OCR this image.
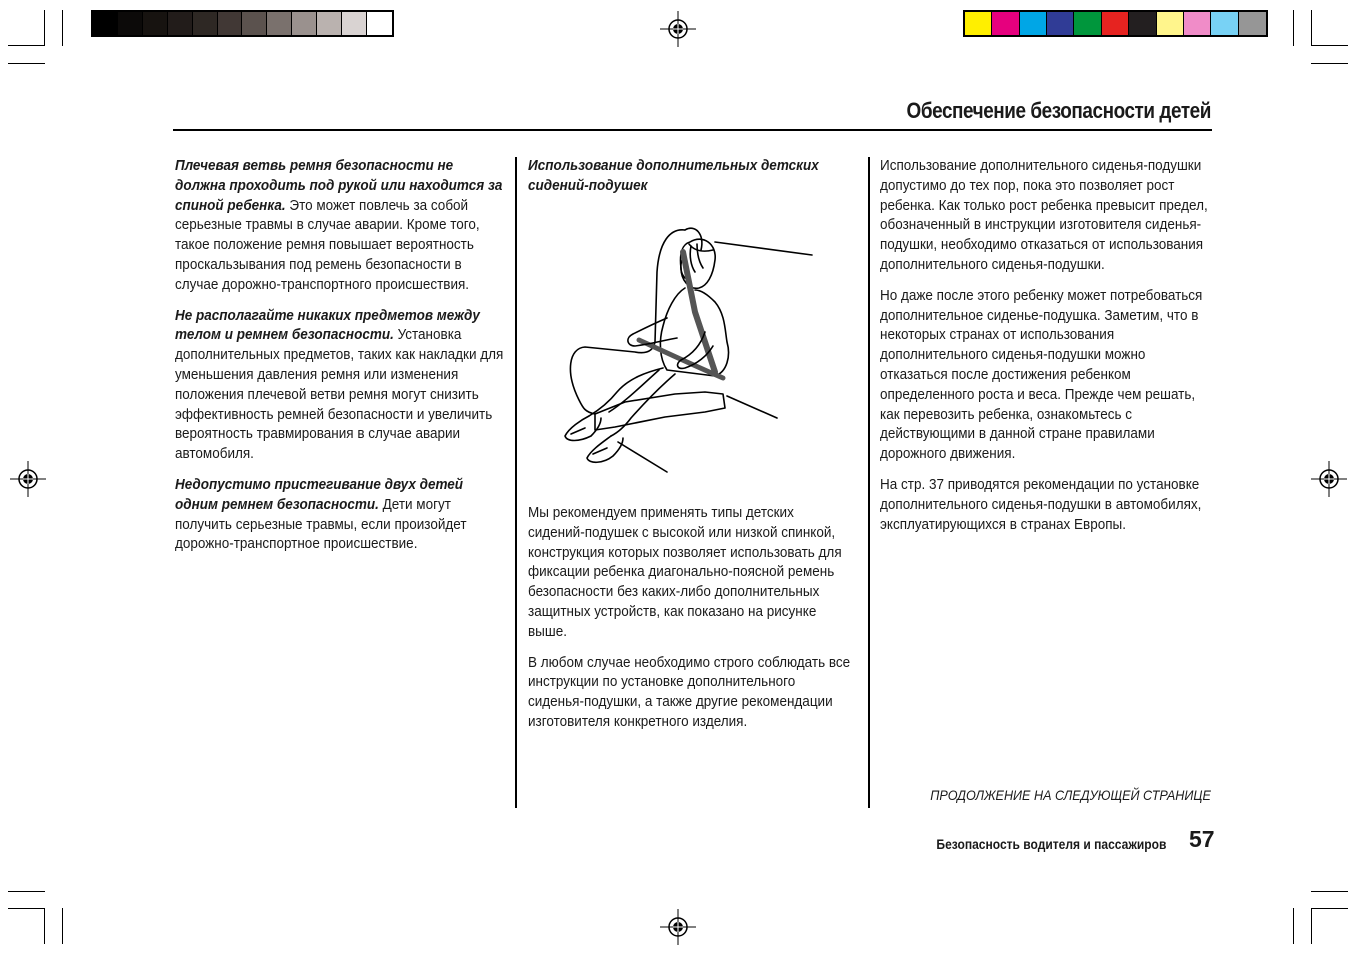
Обеспечение безопасности детей

Плечевая ветвь ремня безопасности не должна проходить под рукой или находится за спиной ребенка. Это может повлечь за собой серьезные травмы в случае аварии. Кроме того, такое положение ремня повышает вероятность проскальзывания под ремень безопасности в случае дорожно-транспортного происшествия.

Не располагайте никаких предметов между телом и ремнем безопасности. Установка дополнительных предметов, таких как накладки для уменьшения давления ремня или изменения положения плечевой ветви ремня могут снизить эффективность ремней безопасности и увеличить вероятность травмирования в случае аварии автомобиля.

Недопустимо пристегивание двух детей одним ремнем безопасности. Дети могут получить серьезные травмы, если произойдет дорожно-транспортное происшествие.

Использование дополнительных детских сидений-подушек

Мы рекомендуем применять типы детских сидений-подушек с высокой или низкой спинкой, конструкция которых позволяет использовать для фиксации ребенка диагонально-поясной ремень безопасности без каких-либо дополнительных защитных устройств, как показано на рисунке выше.

В любом случае необходимо строго соблюдать все инструкции по установке дополнительного сиденья-подушки, а также другие рекомендации изготовителя конкретного изделия.

Использование дополнительного сиденья-подушки допустимо до тех пор, пока это позволяет рост ребенка. Как только рост ребенка превысит предел, обозначенный в инструкции изготовителя сиденья-подушки, необходимо отказаться от использования дополнительного сиденья-подушки.

Но даже после этого ребенку может потребоваться дополнительное сиденье-подушка. Заметим, что в некоторых странах от использования дополнительного сиденья-подушки можно отказаться после достижения ребенком определенного роста и веса. Прежде чем решать, как перевозить ребенка, ознакомьтесь с действующими в данной стране правилами дорожного движения.

На стр. 37 приводятся рекомендации по установке дополнительного сиденья-подушки в автомобилях, эксплуатирующихся в странах Европы.

ПРОДОЛЖЕНИЕ НА СЛЕДУЮЩЕЙ СТРАНИЦЕ
Безопасность водителя и пассажиров 57
